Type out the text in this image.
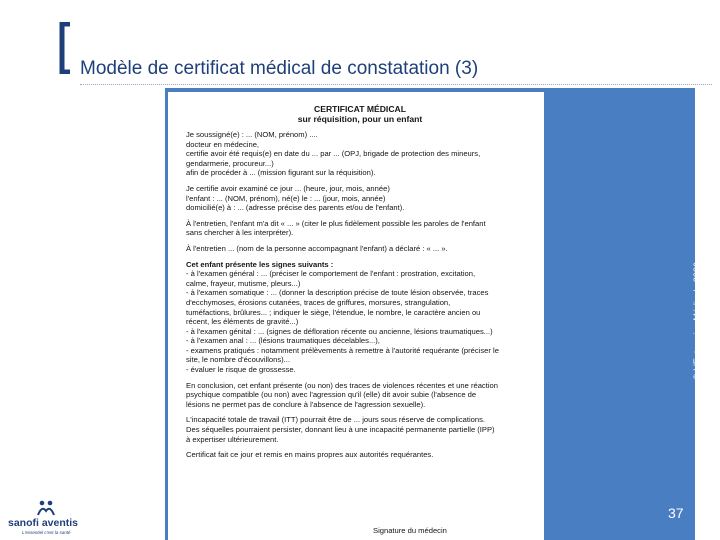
Modèle de certificat médical de constatation (3)
CERTIFICAT MÉDICAL
sur réquisition, pour un enfant
Je soussigné(e) : ... (NOM, prénom) ....
docteur en médecine,
certifie avoir été requis(e) en date du ... par ... (OPJ, brigade de protection des mineurs,
gendarmerie, procureur...)
afin de procéder à ... (mission figurant sur la réquisition).
Je certifie avoir examiné ce jour ... (heure, jour, mois, année)
l'enfant : ... (NOM, prénom), né(e) le : ... (jour, mois, année)
domicilié(e) à : ... (adresse précise des parents et/ou de l'enfant).
À l'entretien, l'enfant m'a dit « ... » (citer le plus fidèlement possible les paroles de l'enfant
sans chercher à les interpréter).
À l'entretien ... (nom de la personne accompagnant l'enfant) a déclaré : « ... ».
Cet enfant présente les signes suivants :
- à l'examen général : ... (préciser le comportement de l'enfant : prostration, excitation,
calme, frayeur, mutisme, pleurs...)
- à l'examen somatique : ... (donner la description précise de toute lésion observée, traces
d'ecchymoses, érosions cutanées, traces de griffures, morsures, strangulation,
tuméfactions, brûlures... ; indiquer le siège, l'étendue, le nombre, le caractère ancien ou
récent, les éléments de gravité...)
- à l'examen génital : ... (signes de défloration récente ou ancienne, lésions traumatiques...)
- à l'examen anal : ... (lésions traumatiques décelables...),
- examens pratiqués : notamment prélèvements à remettre à l'autorité requérante (préciser le
site, le nombre d'écouvillons)...
- évaluer le risque de grossesse.
En conclusion, cet enfant présente (ou non) des traces de violences récentes et une réaction
psychique compatible (ou non) avec l'agression qu'il (elle) dit avoir subie (l'absence de
lésions ne permet pas de conclure à l'absence de l'agression sexuelle).
L'incapacité totale de travail (ITT) pourrait être de ... jours sous réserve de complications.
Des séquelles pourraient persister, donnant lieu à une incapacité permanente partielle (IPP)
à expertiser ultérieurement.
Certificat fait ce jour et remis en mains propres aux autorités requérantes.
Signature du médecin
© L'Entreprise Médicale 2006
37
sanofi aventis
L'essentiel c'est la santé
